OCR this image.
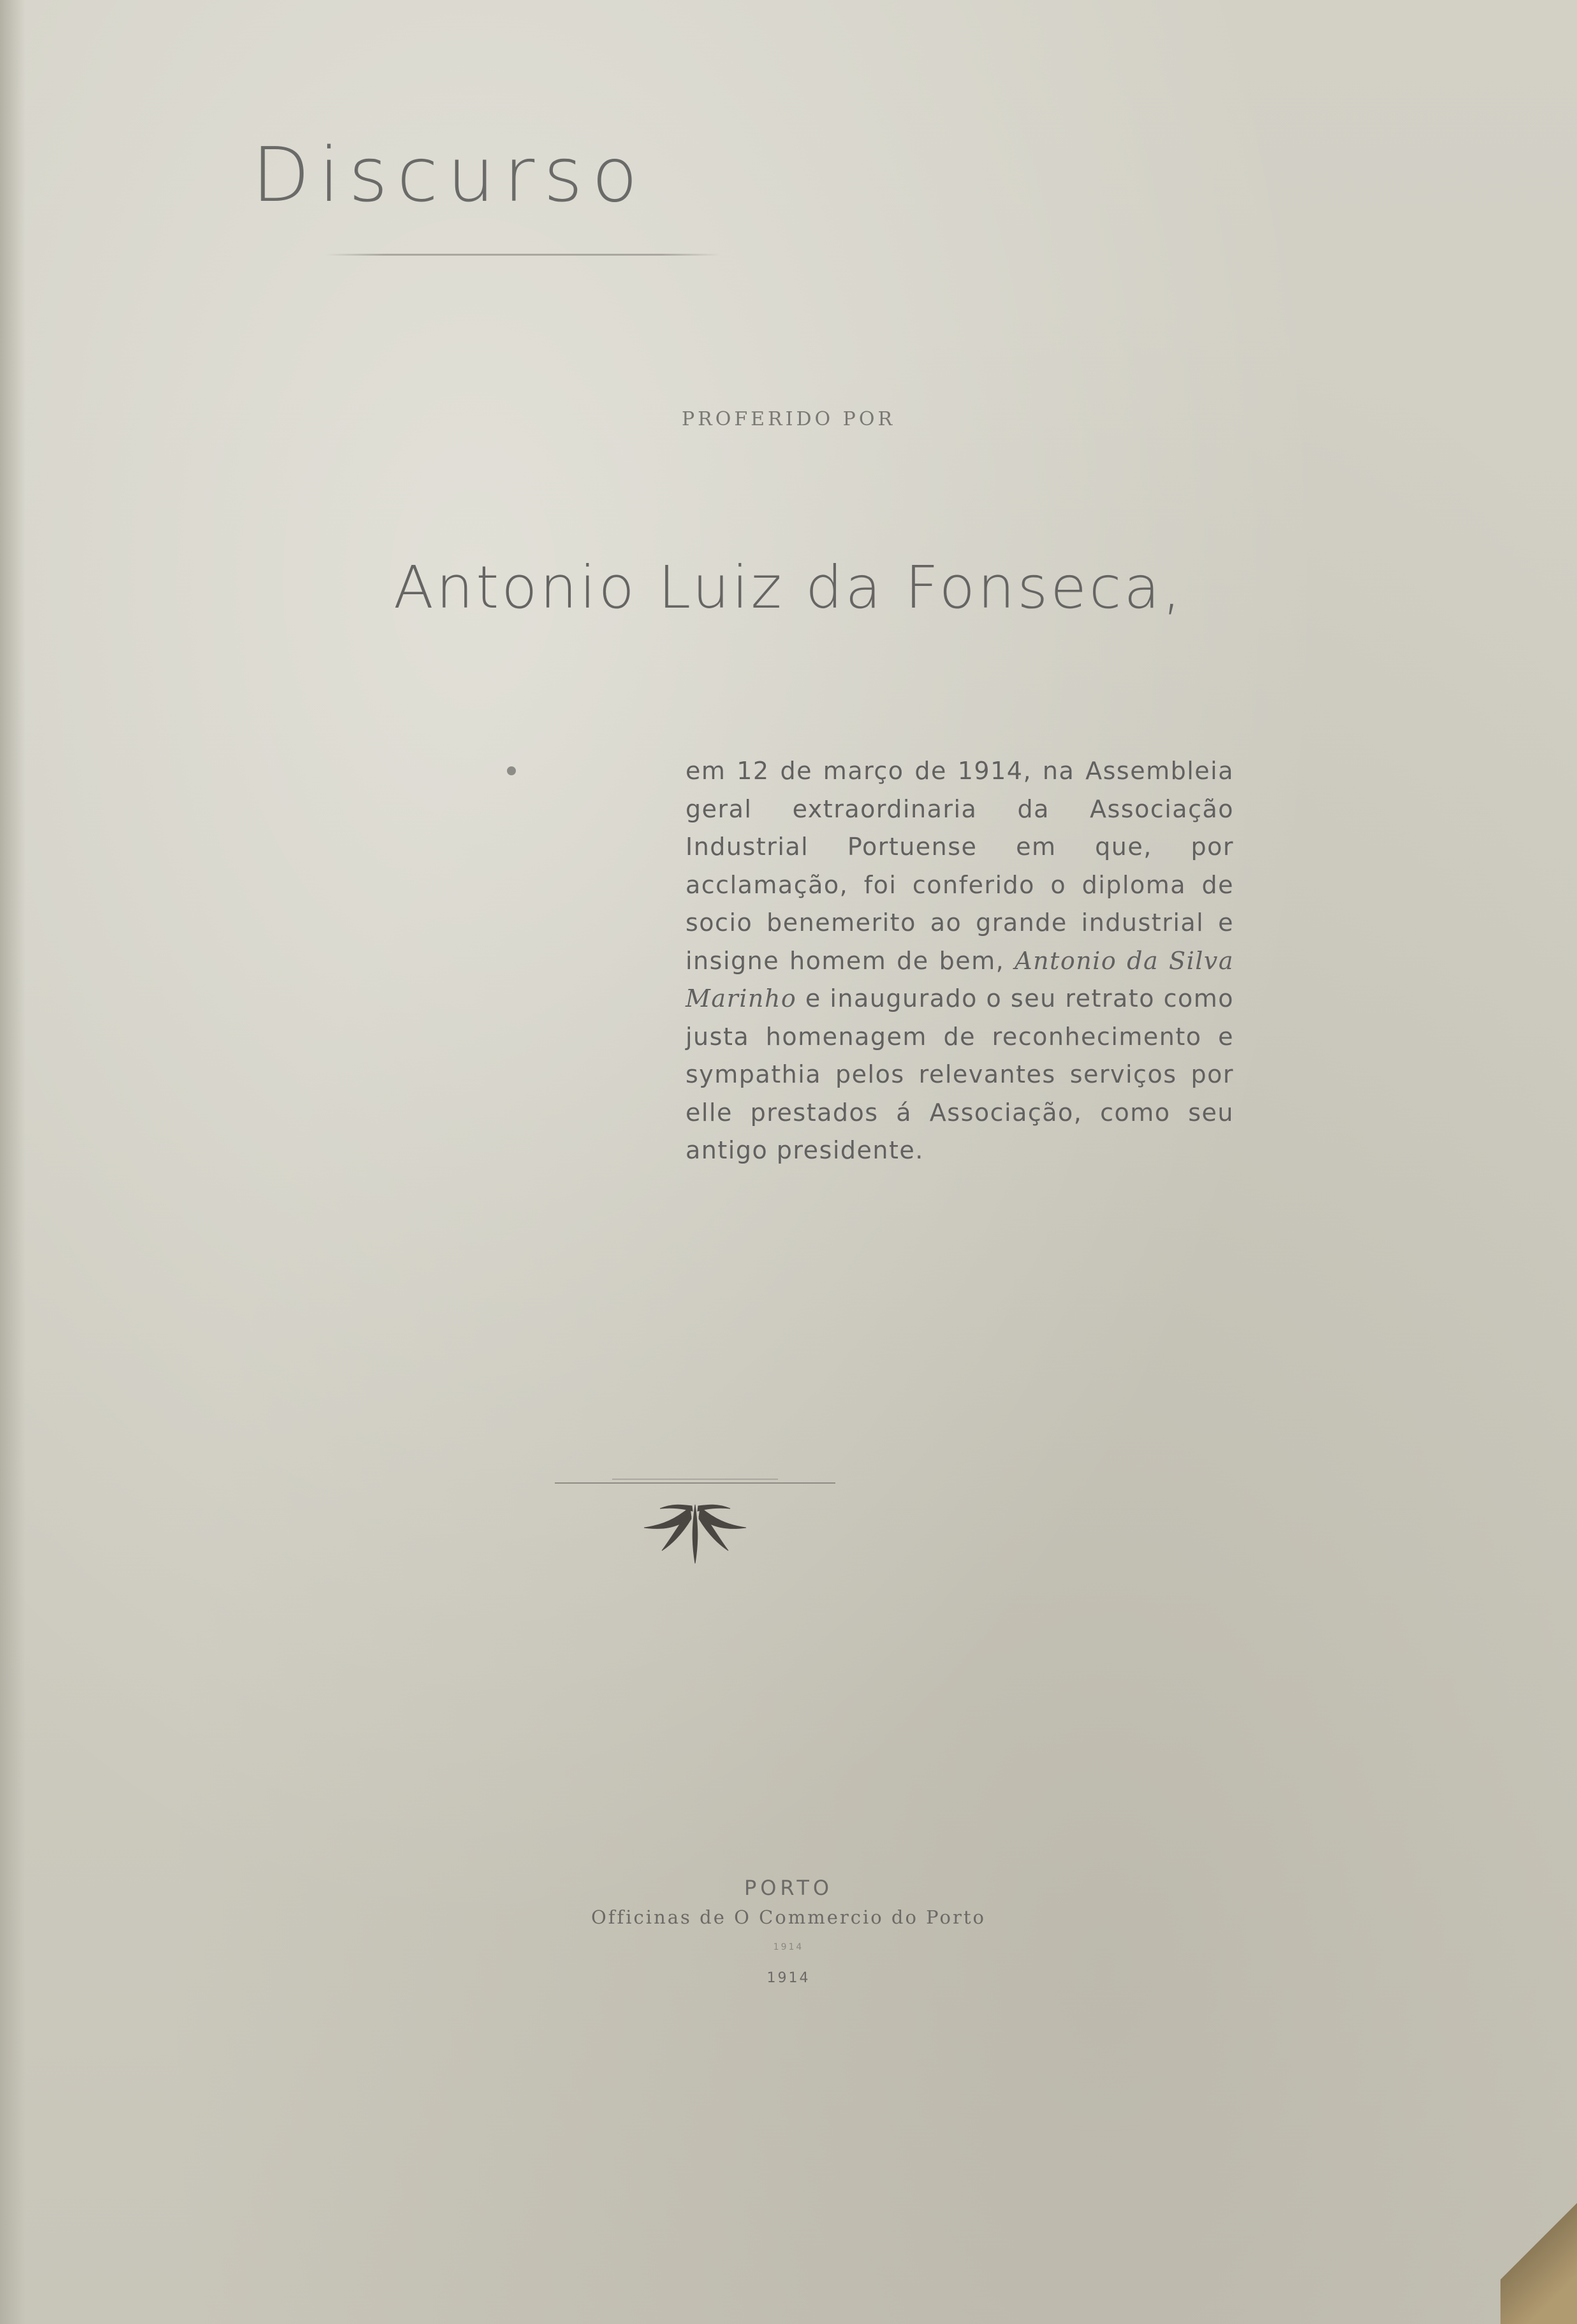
Discurso
PROFERIDO POR
Antonio Luiz da Fonseca,
em 12 de março de 1914, na Assembleia geral extraordinaria da Associação Industrial Portuense em que, por acclamação, foi conferido o diploma de socio benemerito ao grande industrial e insigne homem de bem, Antonio da Silva Marinho e inaugurado o seu retrato como justa homenagem de reconhecimento e sympathia pelos relevantes serviços por elle prestados á Associação, como seu antigo presidente.
PORTO
Officinas de O Commercio do Porto
1914
1914
